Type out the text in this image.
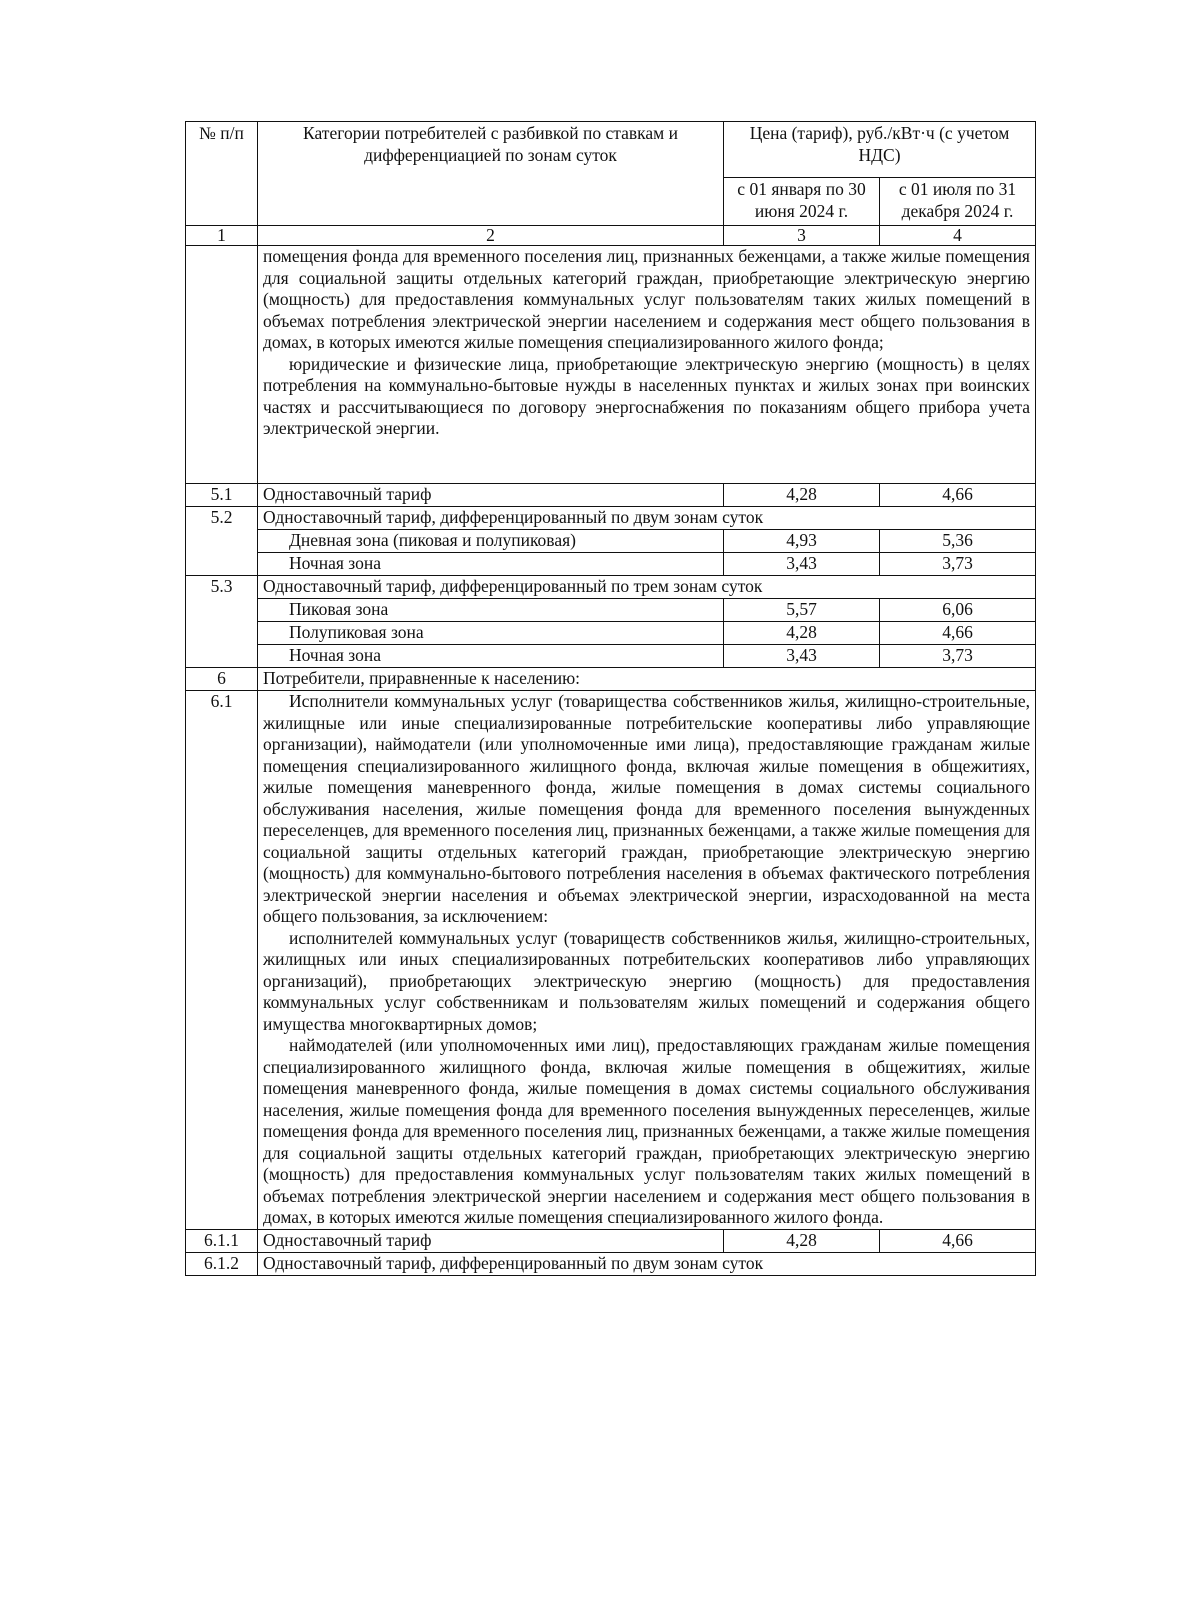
№ п/п	Категории потребителей с разбивкой по ставкам и дифференциацией по зонам суток	Цена (тариф), руб./кВт·ч (с учетом НДС)	
		с 01 января по 30 июня 2024 г.	с 01 июля по 31 декабря 2024 г.
1	2	3	4

	помещения фонда для временного поселения лиц, признанных беженцами, а также жилые помещения для социальной защиты отдельных категорий граждан, приобретающие электрическую энергию (мощность) для предоставления коммунальных услуг пользователям таких жилых помещений в объемах потребления электрической энергии населением и содержания мест общего пользования в домах, в которых имеются жилые помещения специализированного жилого фонда;

юридические и физические лица, приобретающие электрическую энергию (мощность) в целях потребления на коммунально-бытовые нужды в населенных пунктах и жилых зонах при воинских частях и рассчитывающиеся по договору энергоснабжения по показаниям общего прибора учета электрической энергии.		

5.1	Одноставочный тариф	4,28	4,66
5.2	Одноставочный тариф, дифференцированный по двум зонам суток		
	Дневная зона (пиковая и полупиковая)	4,93	5,36
	Ночная зона	3,43	3,73
5.3	Одноставочный тариф, дифференцированный по трем зонам суток		
	Пиковая зона	5,57	6,06
	Полупиковая зона	4,28	4,66
	Ночная зона	3,43	3,73
6	Потребители, приравненные к населению:		
6.1	Исполнители коммунальных услуг (товарищества собственников жилья, жилищно-строительные, жилищные или иные специализированные потребительские кооперативы либо управляющие организации), наймодатели (или уполномоченные ими лица), предоставляющие гражданам жилые помещения специализированного жилищного фонда, включая жилые помещения в общежитиях, жилые помещения маневренного фонда, жилые помещения в домах системы социального обслуживания населения, жилые помещения фонда для временного поселения вынужденных переселенцев, для временного поселения лиц, признанных беженцами, а также жилые помещения для социальной защиты отдельных категорий граждан, приобретающие электрическую энергию (мощность) для коммунально-бытового потребления населения в объемах фактического потребления электрической энергии населения и объемах электрической энергии, израсходованной на места общего пользования, за исключением:

исполнителей коммунальных услуг (товариществ собственников жилья, жилищно-строительных, жилищных или иных специализированных потребительских кооперативов либо управляющих организаций), приобретающих электрическую энергию (мощность) для предоставления коммунальных услуг собственникам и пользователям жилых помещений и содержания общего имущества многоквартирных домов;

наймодателей (или уполномоченных ими лиц), предоставляющих гражданам жилые помещения специализированного жилищного фонда, включая жилые помещения в общежитиях, жилые помещения маневренного фонда, жилые помещения в домах системы социального обслуживания населения, жилые помещения фонда для временного поселения вынужденных переселенцев, жилые помещения фонда для временного поселения лиц, признанных беженцами, а также жилые помещения для социальной защиты отдельных категорий граждан, приобретающих электрическую энергию (мощность) для предоставления коммунальных услуг пользователям таких жилых помещений в объемах потребления электрической энергии населением и содержания мест общего пользования в домах, в которых имеются жилые помещения специализированного жилого фонда.		

6.1.1	Одноставочный тариф	4,28	4,66
6.1.2	Одноставочный тариф, дифференцированный по двум зонам суток		
